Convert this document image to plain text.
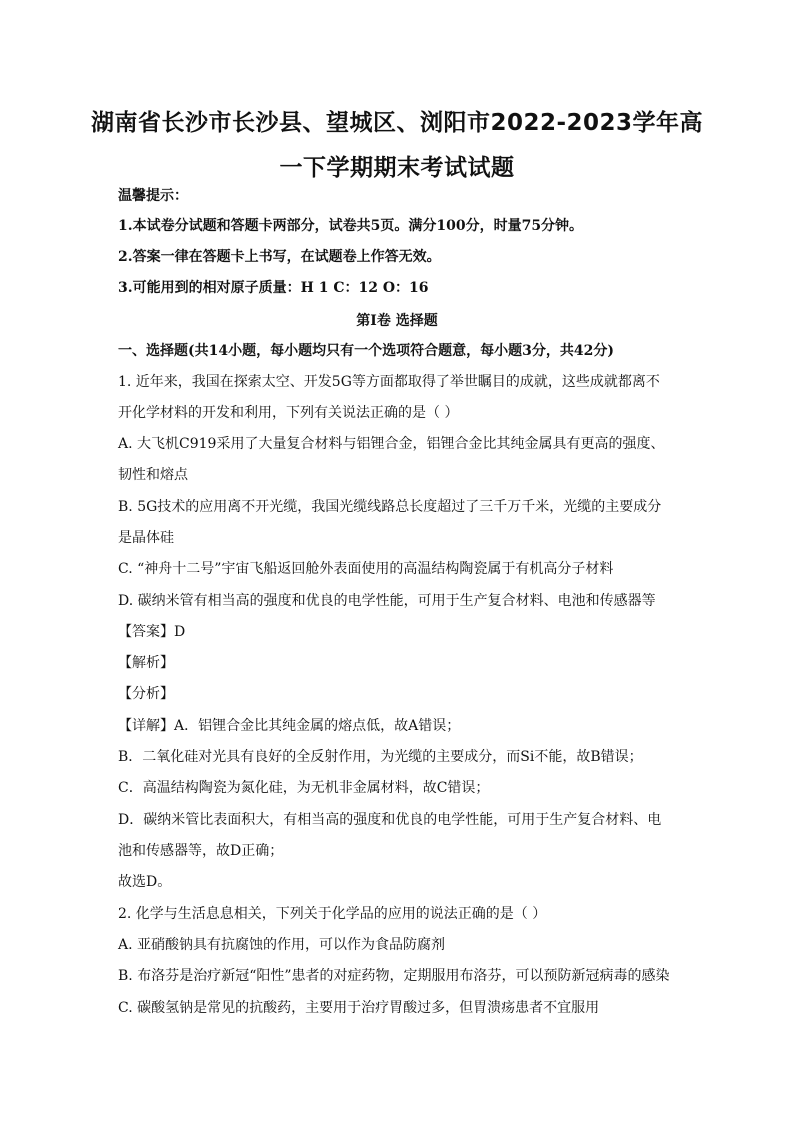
湖南省长沙市长沙县、望城区、浏阳市2022-2023学年高
一下学期期末考试试题
温馨提示：
1.本试卷分试题和答题卡两部分，试卷共5页。满分100分，时量75分钟。
2.答案一律在答题卡上书写，在试题卷上作答无效。
3.可能用到的相对原子质量：H 1 C：12 O：16
第Ⅰ卷 选择题
一、选择题(共14小题，每小题均只有一个选项符合题意，每小题3分，共42分)
1. 近年来，我国在探索太空、开发5G等方面都取得了举世瞩目的成就，这些成就都离不
开化学材料的开发和利用，下列有关说法正确的是（ ）
A. 大飞机C919采用了大量复合材料与铝锂合金，铝锂合金比其纯金属具有更高的强度、
韧性和熔点
B. 5G技术的应用离不开光缆，我国光缆线路总长度超过了三千万千米，光缆的主要成分
是晶体硅
C. “神舟十二号”宇宙飞船返回舱外表面使用的高温结构陶瓷属于有机高分子材料
D. 碳纳米管有相当高的强度和优良的电学性能，可用于生产复合材料、电池和传感器等
【答案】D
【解析】
【分析】
【详解】A．铝锂合金比其纯金属的熔点低，故A错误；
B．二氧化硅对光具有良好的全反射作用，为光缆的主要成分，而Si不能，故B错误；
C．高温结构陶瓷为氮化硅，为无机非金属材料，故C错误；
D．碳纳米管比表面积大，有相当高的强度和优良的电学性能，可用于生产复合材料、电
池和传感器等，故D正确；
故选D。
2. 化学与生活息息相关，下列关于化学品的应用的说法正确的是（ ）
A. 亚硝酸钠具有抗腐蚀的作用，可以作为食品防腐剂
B. 布洛芬是治疗新冠“阳性”患者的对症药物，定期服用布洛芬，可以预防新冠病毒的感染
C. 碳酸氢钠是常见的抗酸药，主要用于治疗胃酸过多，但胃溃疡患者不宜服用
